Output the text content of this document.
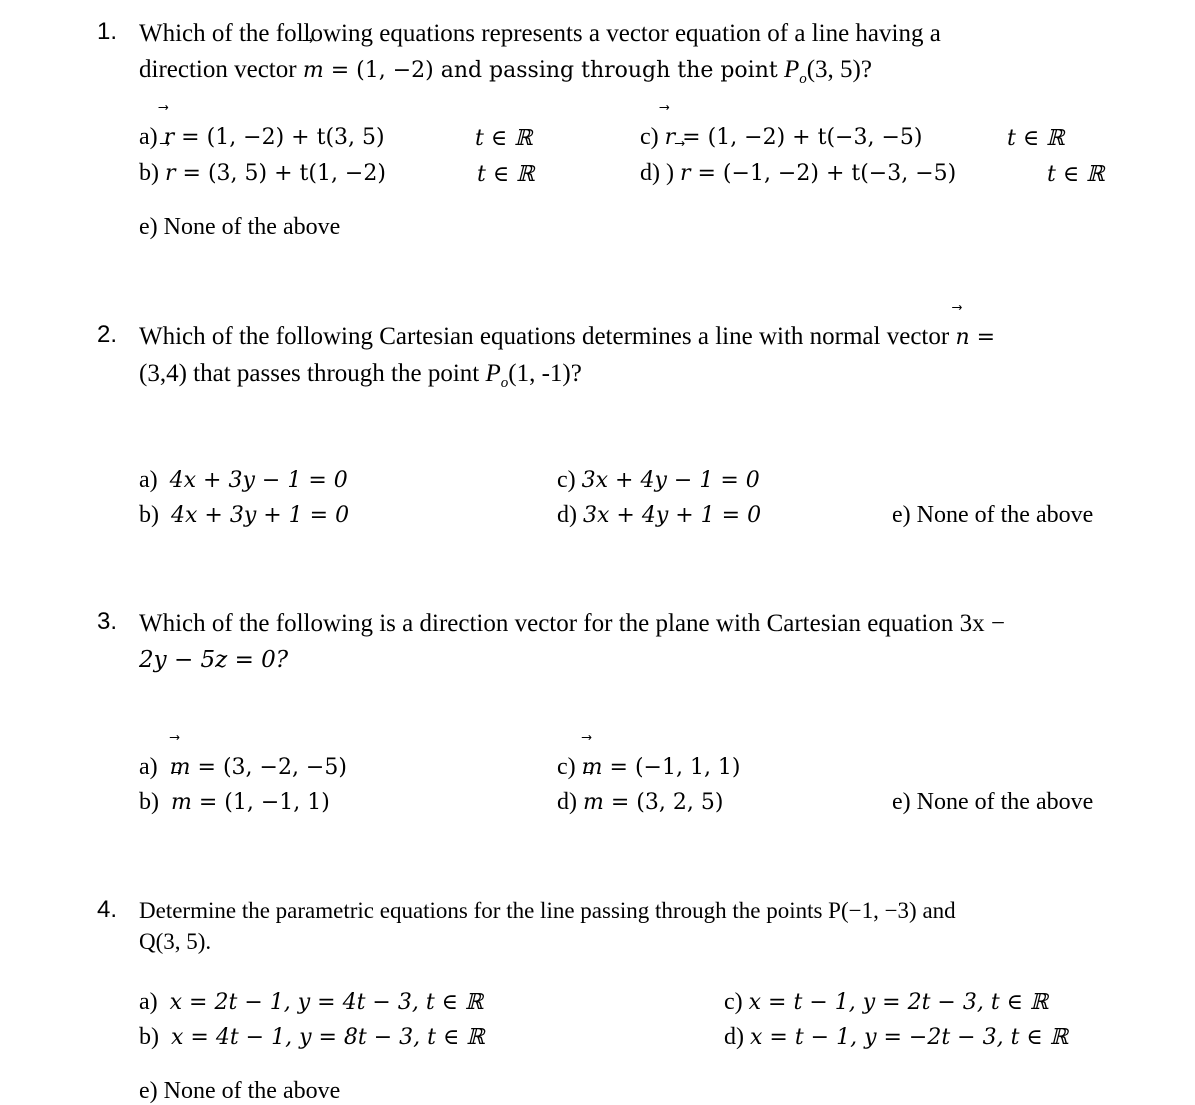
1. Which of the following equations represents a vector equation of a line having a
direction vector ⃗ m = (1, −2) and passing through the point $P_o(3$, 5)?
a) ⃗ r = (1, −2) + t(3, 5)	t ∈ ℝ
b) ⃗ r = (3, 5) + t(1, −2)	t ∈ ℝ
c) ⃗ r = (1, −2) + t(−3, −5)	t ∈ ℝ
d) ) ⃗ r = (−1, −2) + t(−3, −5)	t ∈ ℝ
e) None of the above
2. Which of the following Cartesian equations determines a line with normal vector ⃗ n =
(3,4) that passes through the point $P_o(1$, -1)?
a) 4x + 3y − 1 = 0
b) 4x + 3y + 1 = 0
c) 3x + 4y − 1 = 0
d) 3x + 4y + 1 = 0	e) None of the above
3. Which of the following is a direction vector for the plane with Cartesian equation 3x −
2y − 5z = 0?
a) ⃗ m = (3, −2, −5)
b) ⃗ m = (1, −1, 1)
c) ⃗ m = (−1, 1, 1)
d) ⃗ m = (3, 2, 5)	e) None of the above
4. Determine the parametric equations for the line passing through the points P(−1, −3) and
Q(3, 5).
a) x = 2t − 1, y = 4t − 3, t ∈ ℝ
b) x = 4t − 1, y = 8t − 3, t ∈ ℝ
c) x = t − 1, y = 2t − 3, t ∈ ℝ
d) x = t − 1, y = −2t − 3, t ∈ ℝ
e) None of the above
